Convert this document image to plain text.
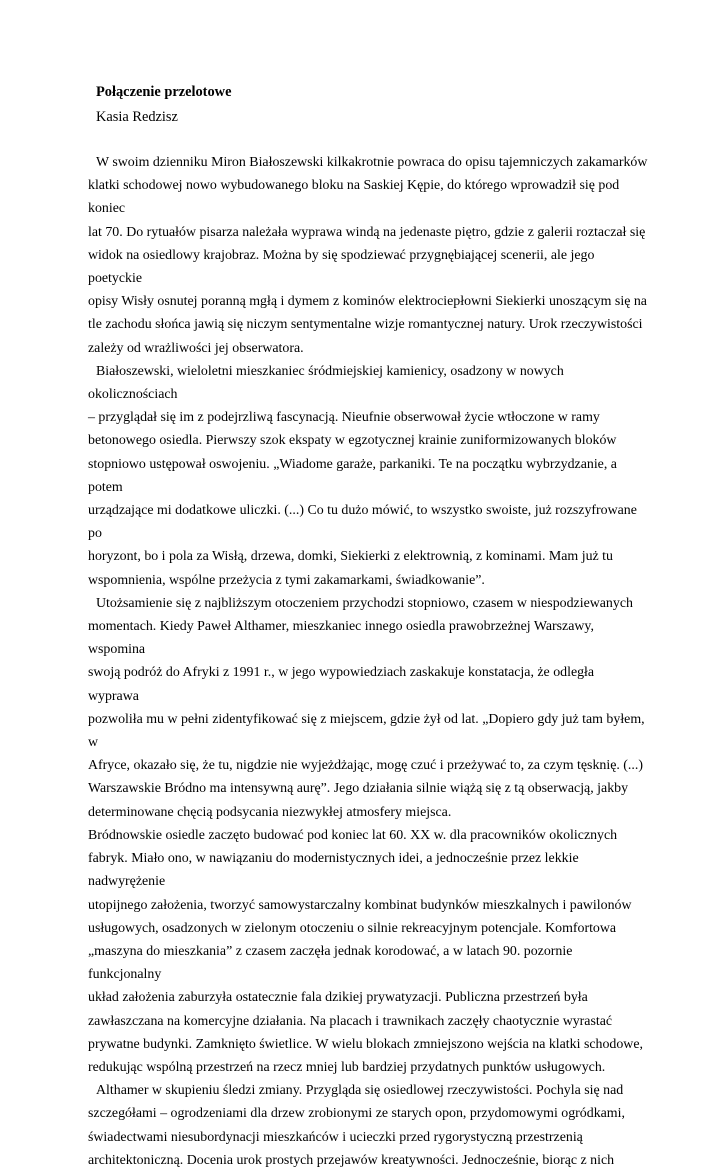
Połączenie przelotowe
Kasia Redzisz

W swoim dzienniku Miron Białoszewski kilkakrotnie powraca do opisu tajemniczych zakamarków
klatki schodowej nowo wybudowanego bloku na Saskiej Kępie, do którego wprowadził się pod koniec
lat 70. Do rytuałów pisarza należała wyprawa windą na jedenaste piętro, gdzie z galerii roztaczał się
widok na osiedlowy krajobraz. Można by się spodziewać przygnębiającej scenerii, ale jego poetyckie
opisy Wisły osnutej poranną mgłą i dymem z kominów elektrociepłowni Siekierki unoszącym się na
tle zachodu słońca jawią się niczym sentymentalne wizje romantycznej natury. Urok rzeczywistości
zależy od wrażliwości jej obserwatora.

Białoszewski, wieloletni mieszkaniec śródmiejskiej kamienicy, osadzony w nowych okolicznościach
– przyglądał się im z podejrzliwą fascynacją. Nieufnie obserwował życie wtłoczone w ramy
betonowego osiedla. Pierwszy szok ekspaty w egzotycznej krainie zuniformizowanych bloków
stopniowo ustępował oswojeniu. „Wiadome garaże, parkaniki. Te na początku wybrzydzanie, a potem
urządzające mi dodatkowe uliczki. (...) Co tu dużo mówić, to wszystko swoiste, już rozszyfrowane po
horyzont, bo i pola za Wisłą, drzewa, domki, Siekierki z elektrownią, z kominami. Mam już tu
wspomnienia, wspólne przeżycia z tymi zakamarkami, świadkowanie”.

Utożsamienie się z najbliższym otoczeniem przychodzi stopniowo, czasem w niespodziewanych
momentach. Kiedy Paweł Althamer, mieszkaniec innego osiedla prawobrzeżnej Warszawy, wspomina
swoją podróż do Afryki z 1991 r., w jego wypowiedziach zaskakuje konstatacja, że odległa wyprawa
pozwoliła mu w pełni zidentyfikować się z miejscem, gdzie żył od lat. „Dopiero gdy już tam byłem, w
Afryce, okazało się, że tu, nigdzie nie wyjeżdżając, mogę czuć i przeżywać to, za czym tęsknię. (...)
Warszawskie Bródno ma intensywną aurę”. Jego działania silnie wiążą się z tą obserwacją, jakby
determinowane chęcią podsycania niezwykłej atmosfery miejsca.

Bródnowskie osiedle zaczęto budować pod koniec lat 60. XX w. dla pracowników okolicznych
fabryk. Miało ono, w nawiązaniu do modernistycznych idei, a jednocześnie przez lekkie nadwyrężenie
utopijnego założenia, tworzyć samowystarczalny kombinat budynków mieszkalnych i pawilonów
usługowych, osadzonych w zielonym otoczeniu o silnie rekreacyjnym potencjale. Komfortowa
„maszyna do mieszkania” z czasem zaczęła jednak korodować, a w latach 90. pozornie funkcjonalny
układ założenia zaburzyła ostatecznie fala dzikiej prywatyzacji. Publiczna przestrzeń była
zawłaszczana na komercyjne działania. Na placach i trawnikach zaczęły chaotycznie wyrastać
prywatne budynki. Zamknięto świetlice. W wielu blokach zmniejszono wejścia na klatki schodowe,
redukując wspólną przestrzeń na rzecz mniej lub bardziej przydatnych punktów usługowych.

Althamer w skupieniu śledzi zmiany. Przygląda się osiedlowej rzeczywistości. Pochyla się nad
szczegółami – ogrodzeniami dla drzew zrobionymi ze starych opon, przydomowymi ogródkami,
świadectwami niesubordynacji mieszkańców i ucieczki przed rygorystyczną przestrzenią
architektoniczną. Docenia urok prostych przejawów kreatywności. Jednocześnie, biorąc z nich
